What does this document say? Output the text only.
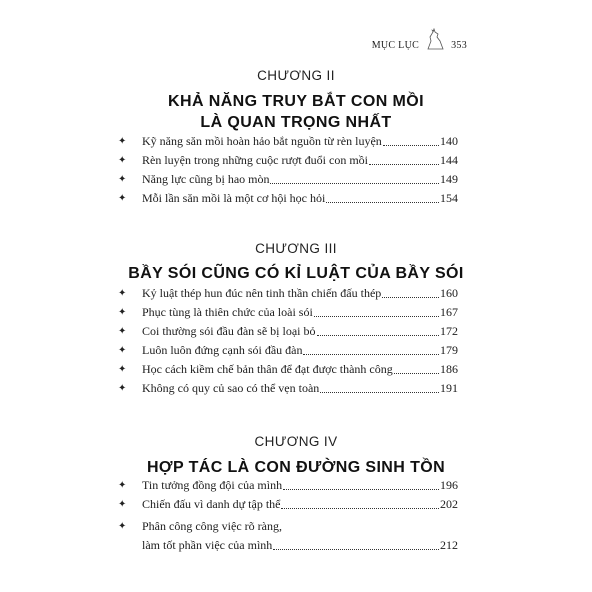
MỤC LỤC	353
CHƯƠNG II
KHẢ NĂNG TRUY BẮT CON MỒI
LÀ QUAN TRỌNG NHẤT
✦	Kỹ năng săn mồi hoàn hảo bắt nguồn từ rèn luyện	140
✦	Rèn luyện trong những cuộc rượt đuổi con mồi	144
✦	Năng lực cũng bị hao mòn	149
✦	Mỗi lần săn mồi là một cơ hội học hỏi	154
CHƯƠNG III
BẦY SÓI CŨNG CÓ KỈ LUẬT CỦA BẦY SÓI
✦	Kỷ luật thép hun đúc nên tinh thần chiến đấu thép	160
✦	Phục tùng là thiên chức của loài sói	167
✦	Coi thường sói đầu đàn sẽ bị loại bỏ	172
✦	Luôn luôn đứng cạnh sói đầu đàn	179
✦	Học cách kiềm chế bản thân để đạt được thành công	186
✦	Không có quy củ sao có thể vẹn toàn	191
CHƯƠNG IV
HỢP TÁC LÀ CON ĐƯỜNG SINH TỒN
✦	Tin tưởng đồng đội của mình	196
✦	Chiến đấu vì danh dự tập thể	202
✦	Phân công công việc rõ ràng,
làm tốt phần việc của mình	212
